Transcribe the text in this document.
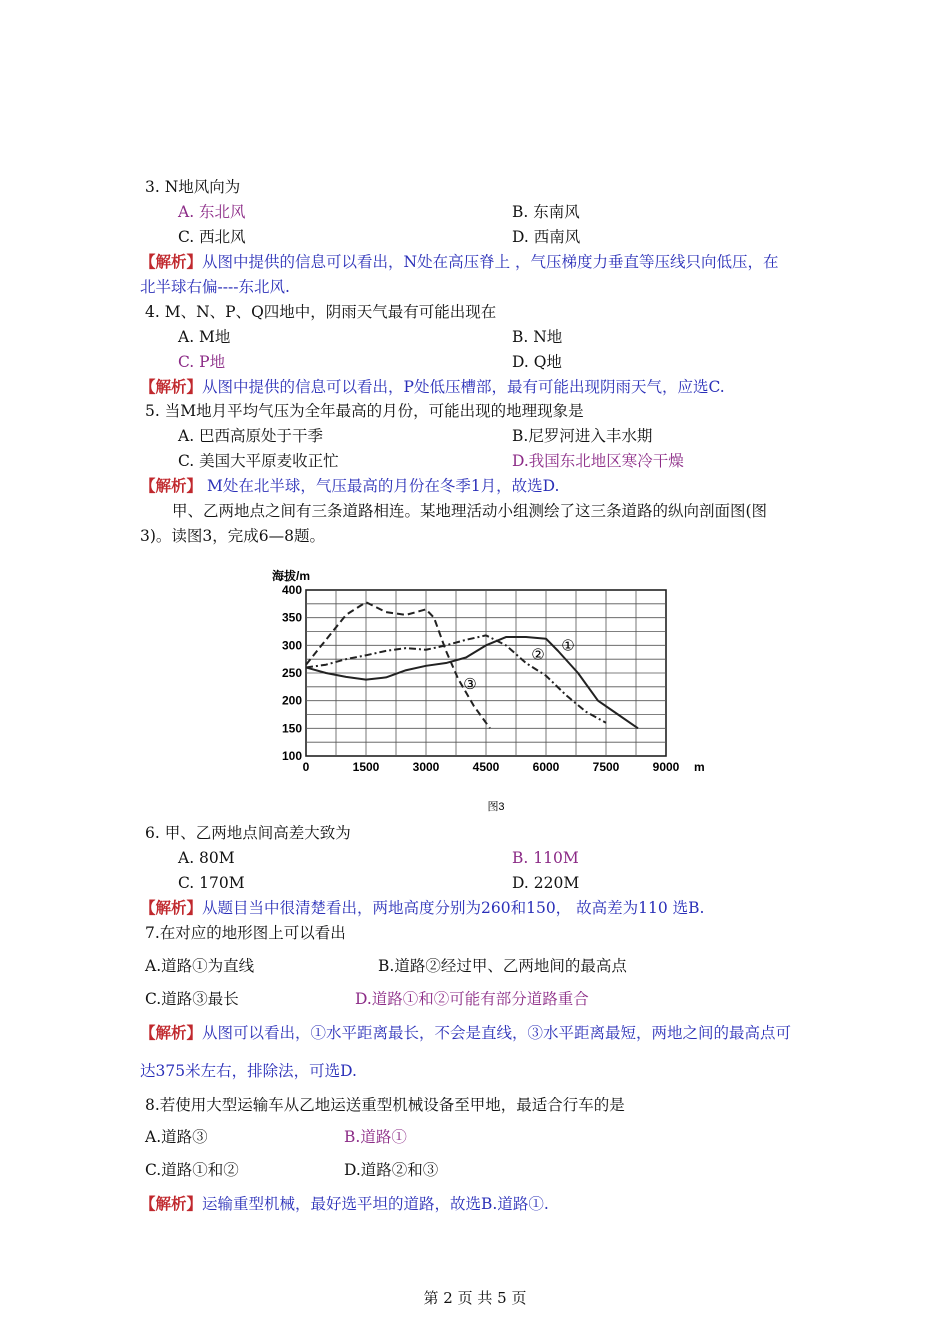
3. N地风向为
A. 东北风	B. 东南风
C. 西北风	D. 西南风
【解析】从图中提供的信息可以看出，N处在高压脊上 ，气压梯度力垂直等压线只向低压，在
北半球右偏----东北风.
4. M、N、P、Q四地中，阴雨天气最有可能出现在
A. M地	B. N地
C. P地	D. Q地
【解析】从图中提供的信息可以看出，P处低压槽部，最有可能出现阴雨天气，应选C.
5. 当M地月平均气压为全年最高的月份，可能出现的地理现象是
A. 巴西高原处于干季	B.尼罗河进入丰水期
C. 美国大平原麦收正忙	D.我国东北地区寒冷干燥
【解析】 M处在北半球，气压最高的月份在冬季1月，故选D.
甲、乙两地点之间有三条道路相连。某地理活动小组测绘了这三条道路的纵向剖面图(图
3)。读图3，完成6—8题。
100
150
200
250
300
350
400
0	1500	3000	4500	6000	7500	9000 m
海拔/m
图3
①
②
③
6. 甲、乙两地点间高差大致为
A. 80M	B. 110M
C. 170M	D. 220M
【解析】从题目当中很清楚看出，两地高度分别为260和150， 故高差为110 选B.
7.在对应的地形图上可以看出
A.道路①为直线	B.道路②经过甲、乙两地间的最高点
C.道路③最长	D.道路①和②可能有部分道路重合
【解析】从图可以看出，①水平距离最长，不会是直线，③水平距离最短，两地之间的最高点可
达375米左右，排除法，可选D.
8.若使用大型运输车从乙地运送重型机械设备至甲地，最适合行车的是
A.道路③	B.道路①
C.道路①和②	D.道路②和③
【解析】运输重型机械，最好选平坦的道路，故选B.道路①.
第 2 页 共 5 页
